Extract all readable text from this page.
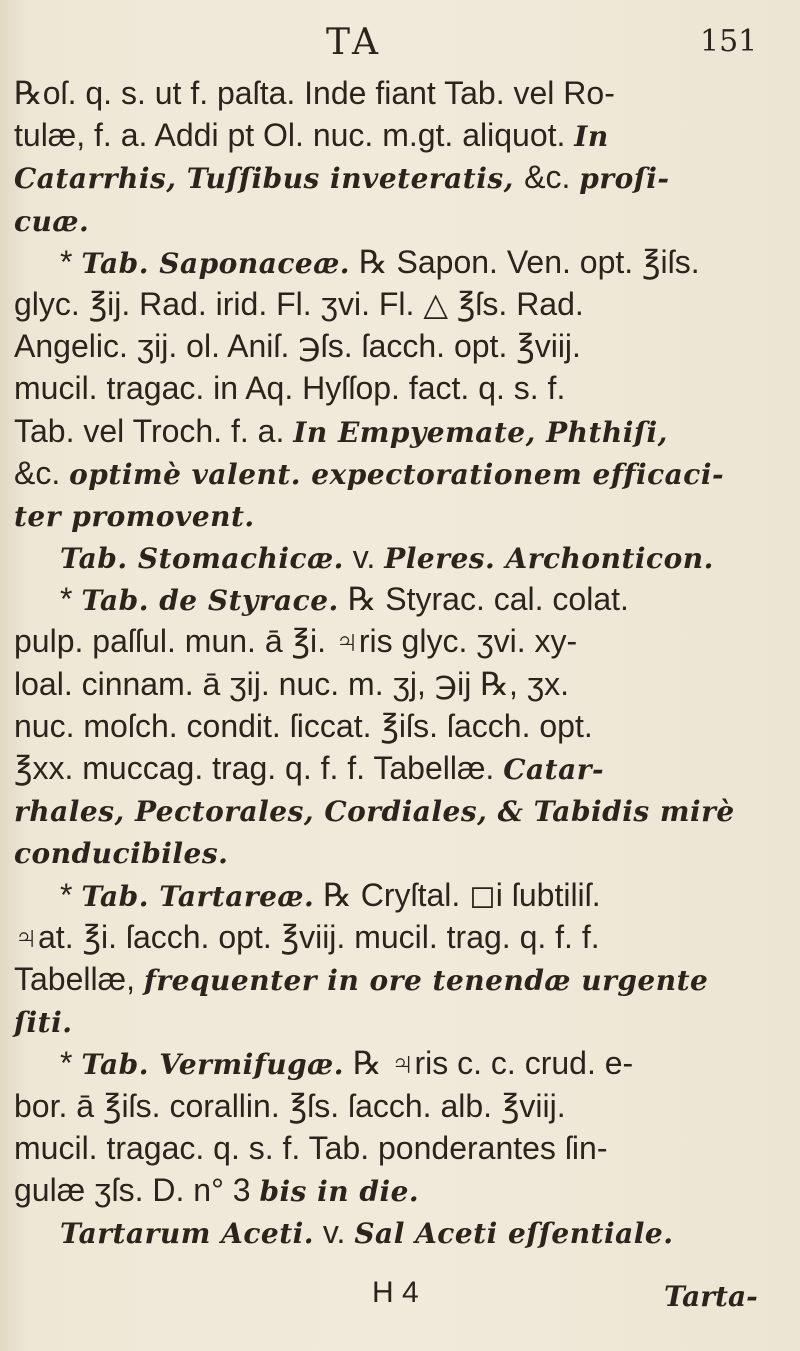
TA	151
℞oſ. q. s. ut f. paſta. Inde fiant Tab. vel Ro-
tulæ, f. a. Addi pt Ol. nuc. m.gt. aliquot. In
Catarrhis, Tuſſibus inveteratis, &c. proſi-
cuæ.
* Tab. Saponaceæ. ℞ Sapon. Ven. opt. ℥iſs.
glyc. ℥ij. Rad. irid. Fl. ʒvi. Fl. △ ℥ſs. Rad.
Angelic. ʒij. ol. Aniſ. ℈ſs. ſacch. opt. ℥viij.
mucil. tragac. in Aq. Hyſſop. fact. q. s. f.
Tab. vel Troch. f. a. In Empyemate, Phthiſi,
&c. optimè valent. expectorationem efficaci-
ter promovent.
Tab. Stomachicæ. v. Pleres. Archonticon.
* Tab. de Styrace. ℞ Styrac. cal. colat.
pulp. paſſul. mun. ā ℥i. ♃ris glyc. ʒvi. xy-
loal. cinnam. ā ʒij. nuc. m. ʒj, ℈ij ℞, ʒx.
nuc. moſch. condit. ſiccat. ℥iſs. ſacch. opt.
℥xx. muccag. trag. q. f. f. Tabellæ. Catar-
rhales, Pectorales, Cordiales, & Tabidis mirè
conducibiles.
* Tab. Tartareæ. ℞ Cryſtal. ◻i ſubtiliſ.
♃at. ℥i. ſacch. opt. ℥viij. mucil. trag. q. f. f.
Tabellæ, frequenter in ore tenendæ urgente
ſiti.
* Tab. Vermifugæ. ℞ ♃ris c. c. crud. e-
bor. ā ℥iſs. corallin. ℥ſs. ſacch. alb. ℥viij.
mucil. tragac. q. s. f. Tab. ponderantes ſin-
gulæ ʒſs. D. n° 3 bis in die.
Tartarum Aceti. v. Sal Aceti eſſentiale.
H 4	Tarta-
